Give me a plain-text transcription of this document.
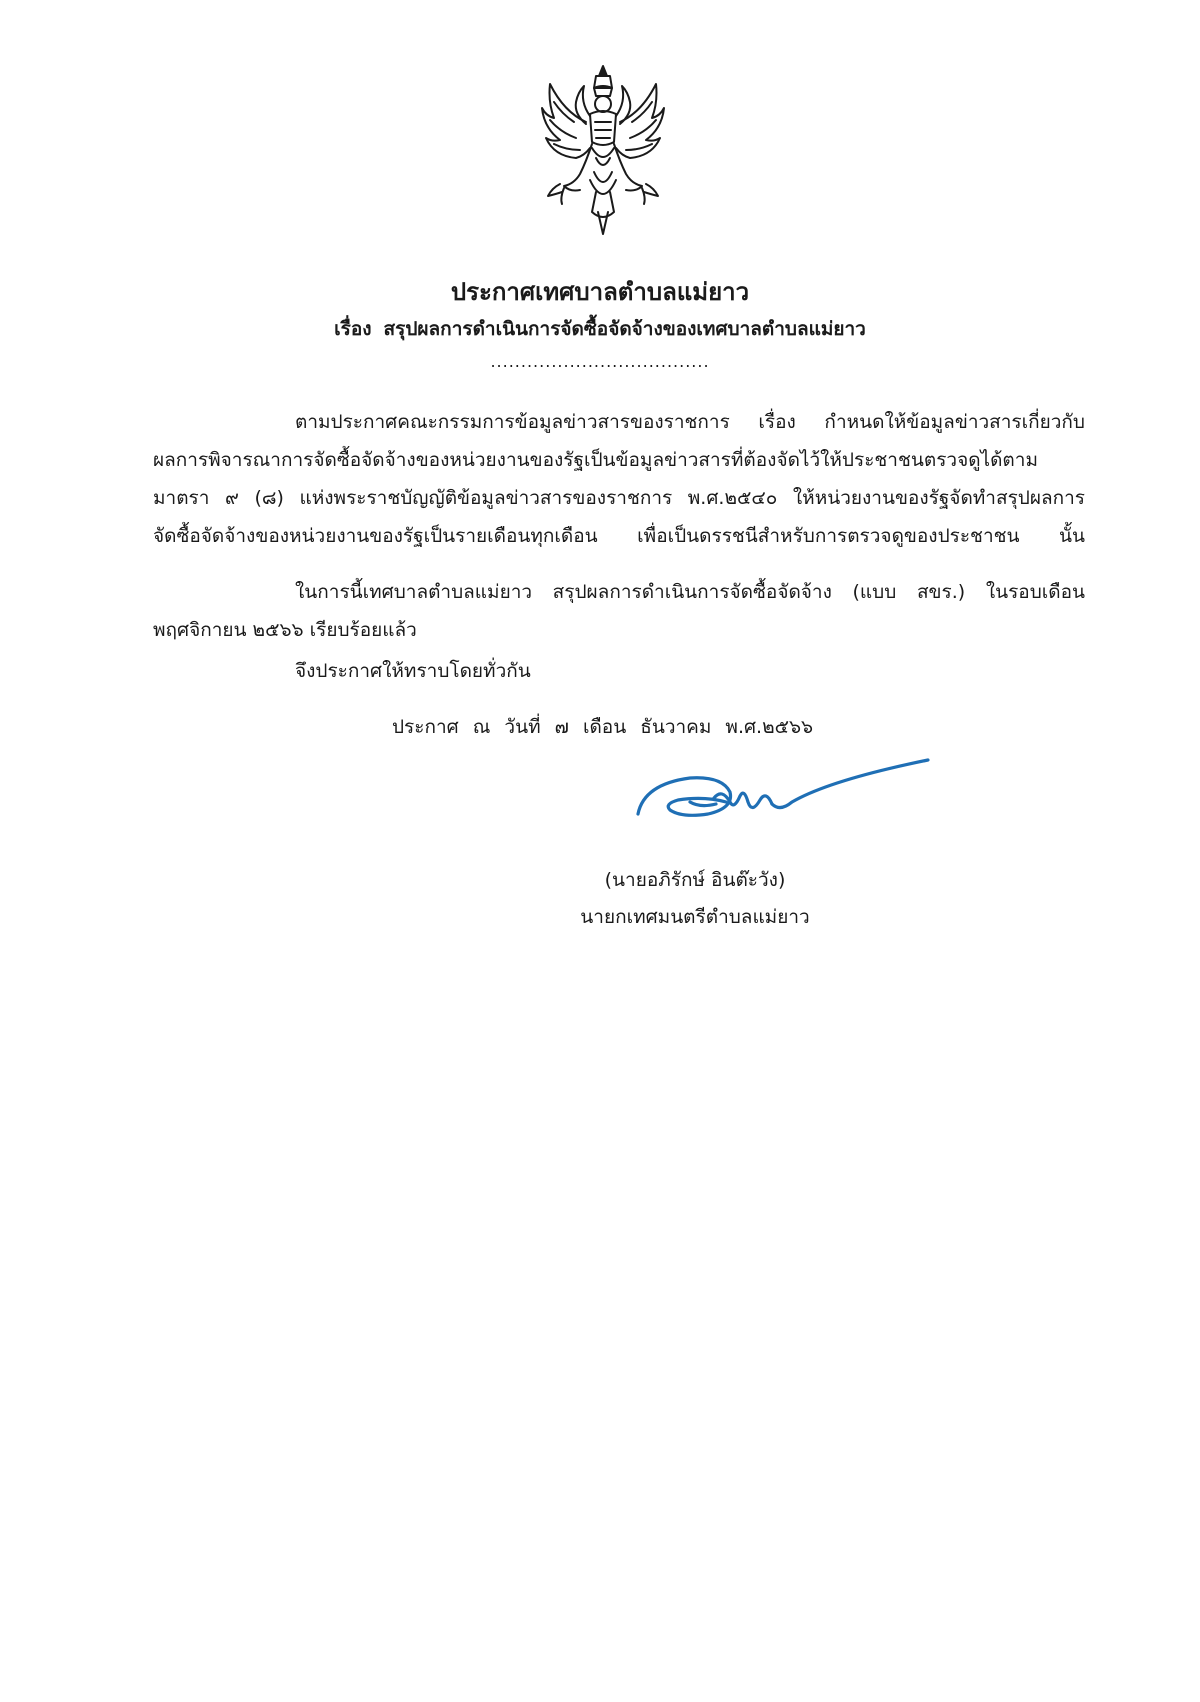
ประกาศเทศบาลตำบลแม่ยาว
เรื่อง สรุปผลการดำเนินการจัดซื้อจัดจ้างของเทศบาลตำบลแม่ยาว
....................................
ตามประกาศคณะกรรมการข้อมูลข่าวสารของราชการ เรื่อง กำหนดให้ข้อมูลข่าวสารเกี่ยวกับ
ผลการพิจารณาการจัดซื้อจัดจ้างของหน่วยงานของรัฐเป็นข้อมูลข่าวสารที่ต้องจัดไว้ให้ประชาชนตรวจดูได้ตาม
มาตรา ๙ (๘) แห่งพระราชบัญญัติข้อมูลข่าวสารของราชการ พ.ศ.๒๕๔๐ ให้หน่วยงานของรัฐจัดทำสรุปผลการ
จัดซื้อจัดจ้างของหน่วยงานของรัฐเป็นรายเดือนทุกเดือน เพื่อเป็นดรรชนีสำหรับการตรวจดูของประชาชน นั้น
ในการนี้เทศบาลตำบลแม่ยาว สรุปผลการดำเนินการจัดซื้อจัดจ้าง (แบบ สขร.) ในรอบเดือน
พฤศจิกายน ๒๕๖๖ เรียบร้อยแล้ว
จึงประกาศให้ทราบโดยทั่วกัน
ประกาศ ณ วันที่ ๗ เดือน ธันวาคม พ.ศ.๒๕๖๖
(นายอภิรักษ์ อินต๊ะวัง)
นายกเทศมนตรีตำบลแม่ยาว
